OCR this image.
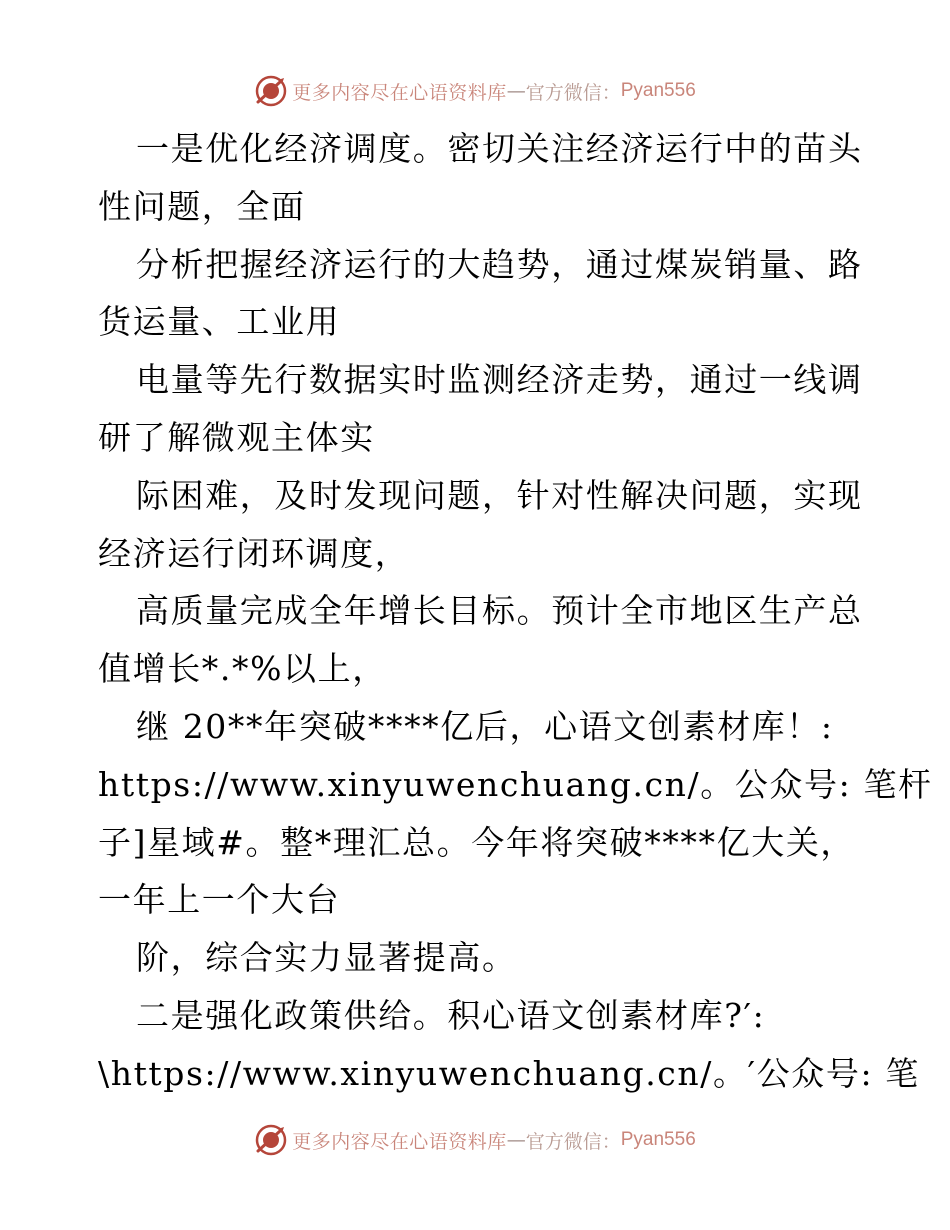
更多内容尽在心语资料库 — 官方微信： Pyan556
一是优化经济调度。密切关注经济运行中的苗头
性问题，全面
分析把握经济运行的大趋势，通过煤炭销量、路
货运量、工业用
电量等先行数据实时监测经济走势，通过一线调
研了解微观主体实
际困难，及时发现问题，针对性解决问题，实现
经济运行闭环调度，
高质量完成全年增长目标。预计全市地区生产总
值增长*.*%以上，
继 20**年突破****亿后，心语文创素材库！:
https://www.xinyuwenchuang.cn/。公众号: 笔杆
子]星域#。整*理汇总。今年将突破****亿大关，
一年上一个大台
阶，综合实力显著提高。
二是强化政策供给。积心语文创素材库?′:
\https://www.xinyuwenchuang.cn/。′公众号: 笔
更多内容尽在心语资料库 — 官方微信： Pyan556
